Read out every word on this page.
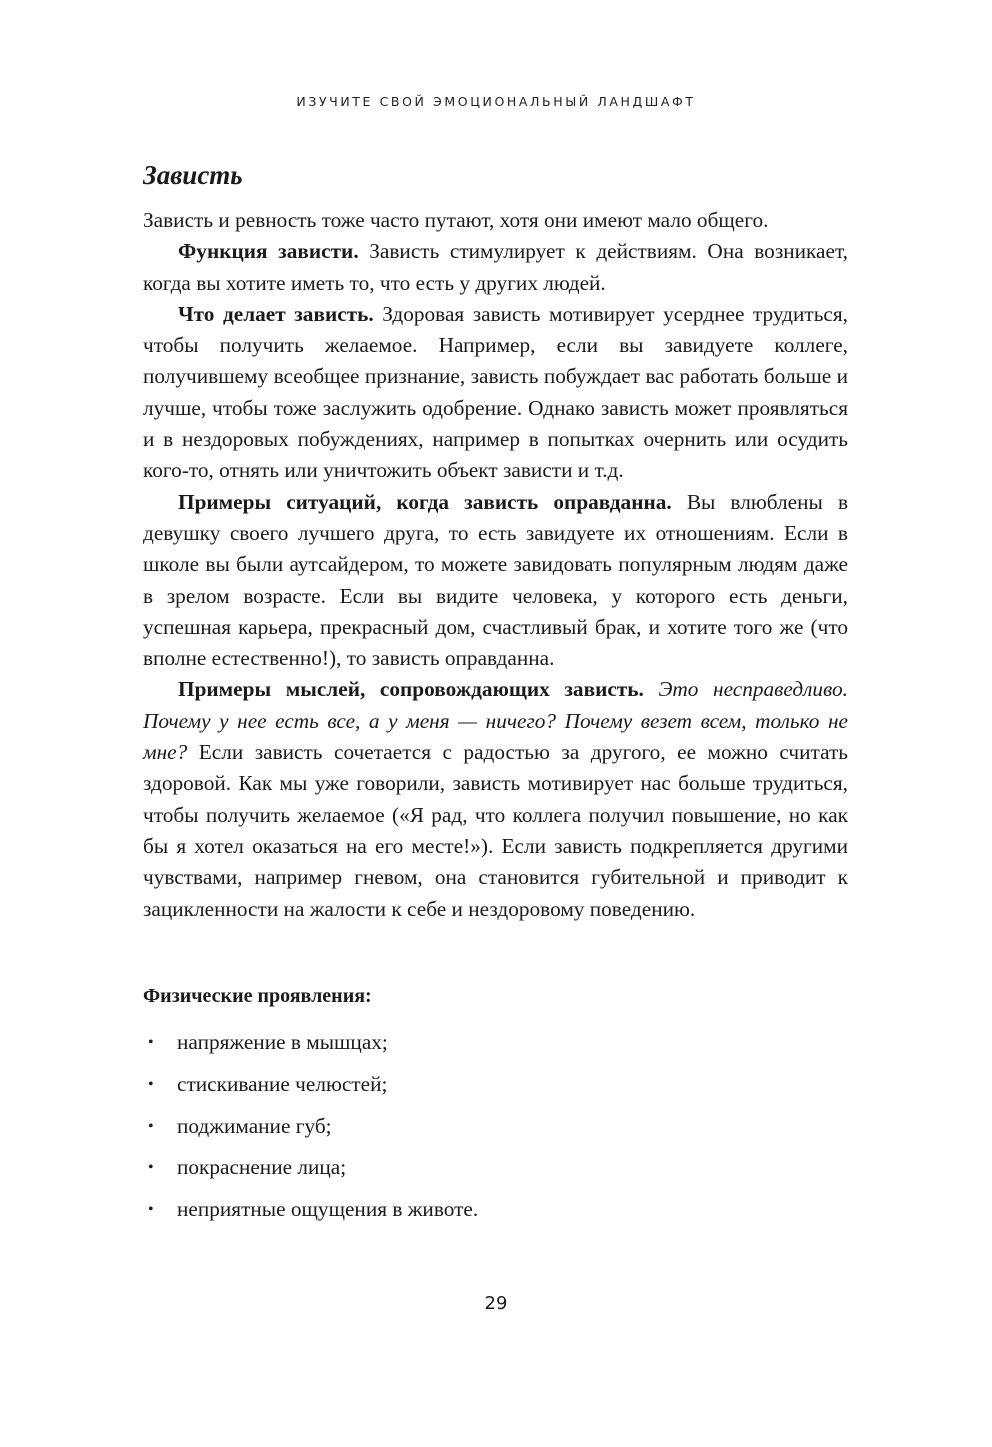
ИЗУЧИТЕ СВОЙ ЭМОЦИОНАЛЬНЫЙ ЛАНДШАФТ
Зависть

Зависть и ревность тоже часто путают, хотя они имеют мало общего.

Функция зависти. Зависть стимулирует к действиям. Она возникает, когда вы хотите иметь то, что есть у других людей.

Что делает зависть. Здоровая зависть мотивирует усерднее трудиться, чтобы получить желаемое. Например, если вы завидуете коллеге, получившему всеобщее признание, зависть побуждает вас работать больше и лучше, чтобы тоже заслужить одобрение. Однако зависть может проявляться и в нездоровых побуждениях, например в попытках очернить или осудить кого-то, отнять или уничтожить объект зависти и т.д.

Примеры ситуаций, когда зависть оправданна. Вы влюблены в девушку своего лучшего друга, то есть завидуете их отношениям. Если в школе вы были аутсайдером, то можете завидовать популярным людям даже в зрелом возрасте. Если вы видите человека, у которого есть деньги, успешная карьера, прекрасный дом, счастливый брак, и хотите того же (что вполне естественно!), то зависть оправданна.

Примеры мыслей, сопровождающих зависть. Это несправедливо. Почему у нее есть все, а у меня — ничего? Почему везет всем, только не мне? Если зависть сочетается с радостью за другого, ее можно считать здоровой. Как мы уже говорили, зависть мотивирует нас больше трудиться, чтобы получить желаемое («Я рад, что коллега получил повышение, но как бы я хотел оказаться на его месте!»). Если зависть подкрепляется другими чувствами, например гневом, она становится губительной и приводит к зацикленности на жалости к себе и нездоровому поведению.

Физические проявления:
•	напряжение в мышцах;
•	стискивание челюстей;
•	поджимание губ;
•	покраснение лица;
•	неприятные ощущения в животе.
29
